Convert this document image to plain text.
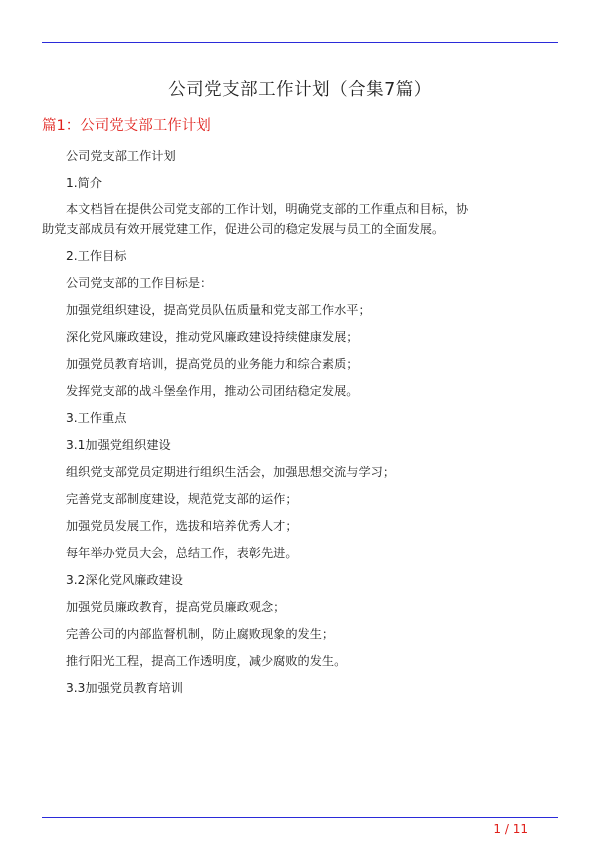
公司党支部工作计划（合集7篇）
篇1：公司党支部工作计划

公司党支部工作计划

1.简介

本文档旨在提供公司党支部的工作计划，明确党支部的工作重点和目标，协助党支部成员有效开展党建工作，促进公司的稳定发展与员工的全面发展。

2.工作目标

公司党支部的工作目标是：

加强党组织建设，提高党员队伍质量和党支部工作水平；

深化党风廉政建设，推动党风廉政建设持续健康发展；

加强党员教育培训，提高党员的业务能力和综合素质；

发挥党支部的战斗堡垒作用，推动公司团结稳定发展。

3.工作重点

3.1加强党组织建设

组织党支部党员定期进行组织生活会，加强思想交流与学习；

完善党支部制度建设，规范党支部的运作；

加强党员发展工作，选拔和培养优秀人才；

每年举办党员大会，总结工作，表彰先进。

3.2深化党风廉政建设

加强党员廉政教育，提高党员廉政观念；

完善公司的内部监督机制，防止腐败现象的发生；

推行阳光工程，提高工作透明度，减少腐败的发生。

3.3加强党员教育培训

1 / 11
